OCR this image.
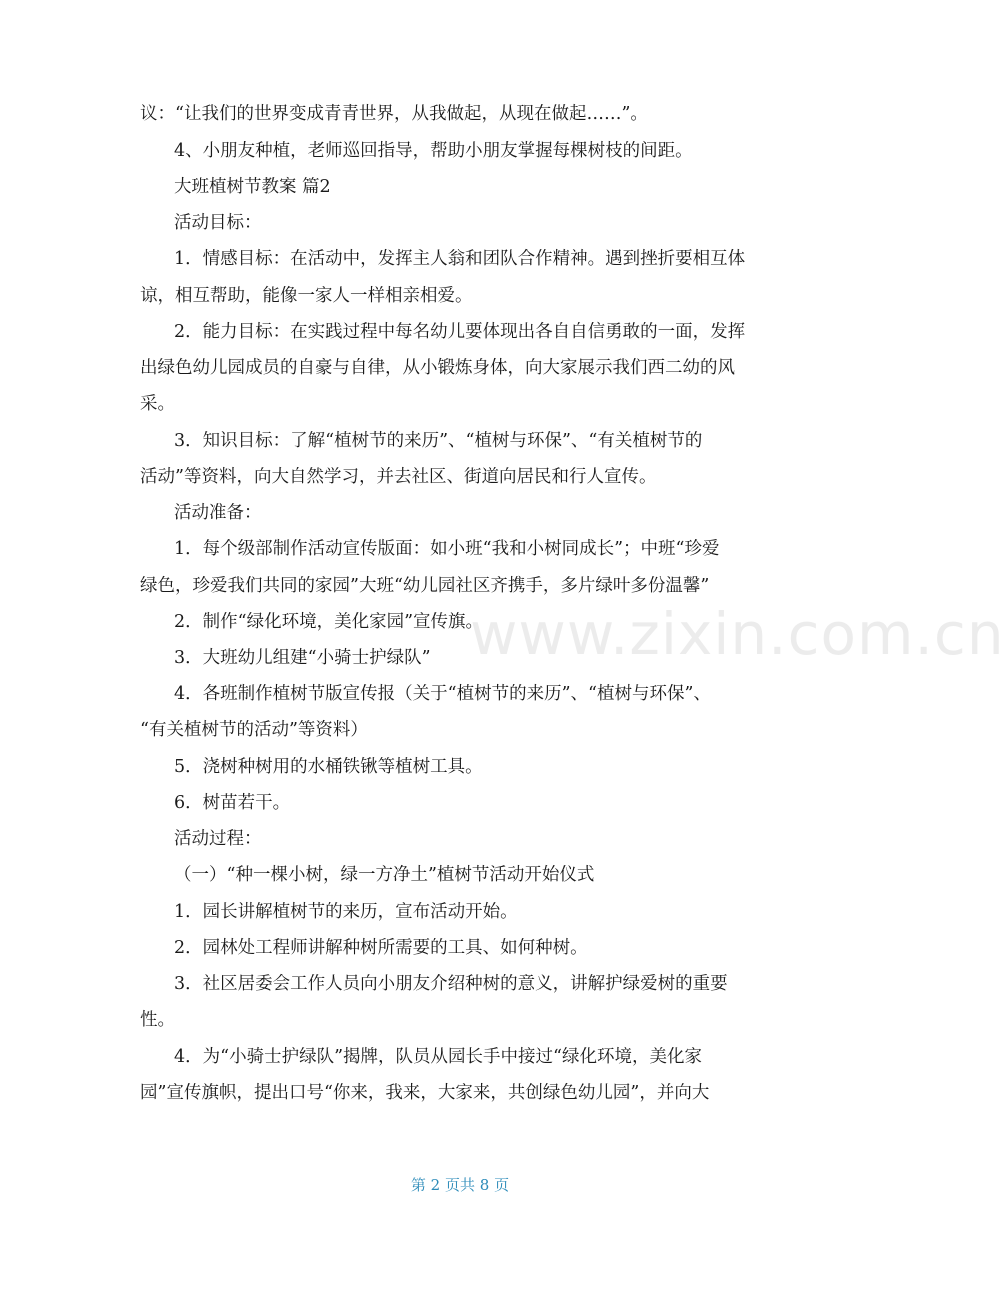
议：“让我们的世界变成青青世界，从我做起，从现在做起……”。

4、小朋友种植，老师巡回指导，帮助小朋友掌握每棵树枝的间距。

大班植树节教案 篇2

活动目标：

1．情感目标：在活动中，发挥主人翁和团队合作精神。遇到挫折要相互体

谅，相互帮助，能像一家人一样相亲相爱。

2．能力目标：在实践过程中每名幼儿要体现出各自自信勇敢的一面，发挥

出绿色幼儿园成员的自豪与自律，从小锻炼身体，向大家展示我们西二幼的风

采。

3．知识目标：了解“植树节的来历”、“植树与环保”、“有关植树节的

活动”等资料，向大自然学习，并去社区、街道向居民和行人宣传。

活动准备：

1．每个级部制作活动宣传版面：如小班“我和小树同成长”；中班“珍爱

绿色，珍爱我们共同的家园”大班“幼儿园社区齐携手，多片绿叶多份温馨”

2．制作“绿化环境，美化家园”宣传旗。

3．大班幼儿组建“小骑士护绿队”

4．各班制作植树节版宣传报（关于“植树节的来历”、“植树与环保”、

“有关植树节的活动”等资料）

5．浇树种树用的水桶铁锹等植树工具。

6．树苗若干。

活动过程：

（一）“种一棵小树，绿一方净土”植树节活动开始仪式

1．园长讲解植树节的来历，宣布活动开始。

2．园林处工程师讲解种树所需要的工具、如何种树。

3．社区居委会工作人员向小朋友介绍种树的意义，讲解护绿爱树的重要

性。

4．为“小骑士护绿队”揭牌，队员从园长手中接过“绿化环境，美化家

园”宣传旗帜，提出口号“你来，我来，大家来，共创绿色幼儿园”，并向大

www.zixin.com.cn
第 2 页共 8 页
